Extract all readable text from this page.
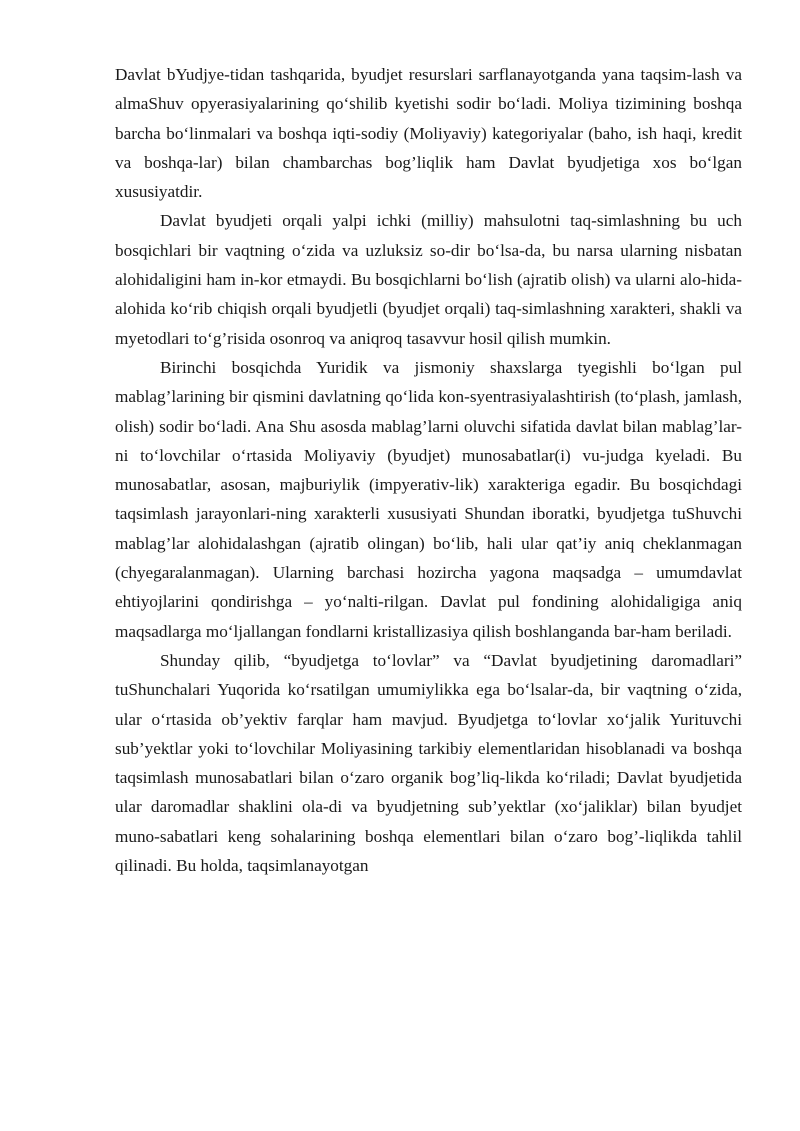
Davlat bYudjye-tidan tashqarida, byudjet resurslari sarflanayotganda yana taqsim-lash va almaShuv opyerasiyalarining qo‘shilib kyetishi sodir bo‘ladi. Moliya tizimining boshqa barcha bo‘linmalari va boshqa iqti-sodiy (Moliyaviy) kategoriyalar (baho, ish haqi, kredit va boshqa-lar) bilan chambarchas bog’liqlik ham Davlat byudjetiga xos bo‘lgan xususiyatdir.

Davlat byudjeti orqali yalpi ichki (milliy) mahsulotni taq-simlashning bu uch bosqichlari bir vaqtning o‘zida va uzluksiz so-dir bo‘lsa-da, bu narsa ularning nisbatan alohidaligini ham in-kor etmaydi. Bu bosqichlarni bo‘lish (ajratib olish) va ularni alo-hida-alohida ko‘rib chiqish orqali byudjetli (byudjet orqali) taq-simlashning xarakteri, shakli va myetodlari to‘g’risida osonroq va aniqroq tasavvur hosil qilish mumkin.

Birinchi bosqichda Yuridik va jismoniy shaxslarga tyegishli bo‘lgan pul mablag’larining bir qismini davlatning qo‘lida kon-syentrasiyalashtirish (to‘plash, jamlash, olish) sodir bo‘ladi. Ana Shu asosda mablag’larni oluvchi sifatida davlat bilan mablag’lar-ni to‘lovchilar o‘rtasida Moliyaviy (byudjet) munosabatlar(i) vu-judga kyeladi. Bu munosabatlar, asosan, majburiylik (impyerativ-lik) xarakteriga egadir. Bu bosqichdagi taqsimlash jarayonlari-ning xarakterli xususiyati Shundan iboratki, byudjetga tuShuvchi mablag’lar alohidalashgan (ajratib olingan) bo‘lib, hali ular qat’iy aniq cheklanmagan (chyegaralanmagan). Ularning barchasi hozircha yagona maqsadga – umumdavlat ehtiyojlarini qondirishga – yo‘nalti-rilgan. Davlat pul fondining alohidaligiga aniq maqsadlarga mo‘ljallangan fondlarni kristallizasiya qilish boshlanganda bar-ham beriladi.

Shunday qilib, “byudjetga to‘lovlar” va “Davlat byudjetining daromadlari” tuShunchalari Yuqorida ko‘rsatilgan umumiylikka ega bo‘lsalar-da, bir vaqtning o‘zida, ular o‘rtasida ob’yektiv farqlar ham mavjud. Byudjetga to‘lovlar xo‘jalik Yurituvchi sub’yektlar yoki to‘lovchilar Moliyasining tarkibiy elementlaridan hisoblanadi va boshqa taqsimlash munosabatlari bilan o‘zaro organik bog’liq-likda ko‘riladi; Davlat byudjetida ular daromadlar shaklini ola-di va byudjetning sub’yektlar (xo‘jaliklar) bilan byudjet muno-sabatlari keng sohalarining boshqa elementlari bilan o‘zaro bog’-liqlikda tahlil qilinadi. Bu holda, taqsimlanayotgan
